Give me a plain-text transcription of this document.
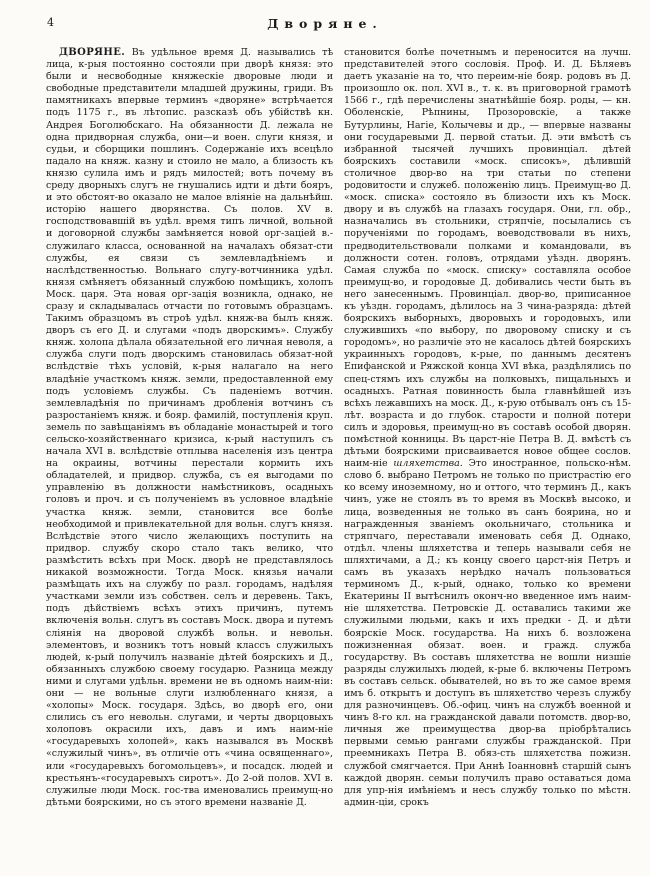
4	Дворяне.

ДВОРЯНЕ. Въ удѣльное время Д. назывались тѣ лица, к-рыя постоянно состояли при дворѣ князя: это были и несвободные княжескіе дворовые люди и свободные представители младшей дружины, гриди. Въ памятникахъ впервые терминъ «дворяне» встрѣчается подъ 1175 г., въ лѣтопис. разсказѣ объ убійствѣ кн. Андрея Боголюбскаго. На обязанности Д. лежала не одна придворная служба, они—и воен. слуги князя, и судьи, и сборщики пошлинъ. Содержаніе ихъ всецѣло падало на княж. казну и стоило не мало, а близость къ князю сулила имъ и рядъ милостей; вотъ почему въ среду дворныхъ слугъ не гнушались идти и дѣти бояръ, и это обстоят-во оказало не малое вліяніе на дальнѣйш. исторію нашего дворянства. Съ полов. XV в. господствовавшій въ удѣл. время типъ личной, вольной и договорной службы замѣняется новой орг-заціей в.-служилаго класса, основанной на началахъ обязат-сти службы, ея связи съ землевладѣніемъ и наслѣдственностью. Вольнаго слугу-вотчинника удѣл. князя смѣняетъ обязанный службою помѣщикъ, холопъ Моск. царя. Эта новая орг-зація возникла, однако, не сразу и складывалась отчасти по готовымъ образцамъ. Такимъ образцомъ въ строѣ удѣл. княж-ва былъ княж. дворъ съ его Д. и слугами «подъ дворскимъ». Службу княж. холопа дѣлала обязательной его личная неволя, а служба слуги подъ дворскимъ становилась обязат-ной вслѣдствіе тѣхъ условій, к-рыя налагало на него владѣніе участкомъ княж. земли, предоставленной ему подъ условіемъ службы. Съ паденіемъ вотчин. землевладѣнія по причинамъ дробленія вотчинъ съ разростаніемъ княж. и бояр. фамилій, поступленія круп. земель по завѣщаніямъ въ обладаніе монастырей и того сельско-хозяйственнаго кризиса, к-рый наступилъ съ начала XVI в. вслѣдствіе отплыва населенія изъ центра на окраины, вотчины перестали кормить ихъ обладателей, и придвор. служба, съ ея выгодами по управленію въ должности намѣстниковъ, осадныхъ головъ и проч. и съ полученіемъ въ условное владѣніе участка княж. земли, становится все болѣе необходимой и привлекательной для вольн. слугъ князя. Вслѣдствіе этого число желающихъ поступить на придвор. службу скоро стало такъ велико, что размѣстить всѣхъ при Моск. дворѣ не представлялось никакой возможности. Тогда Моск. князья начали размѣщать ихъ на службу по разл. городамъ, надѣляя участками земли изъ собствен. селъ и деревень. Такъ, подъ дѣйствіемъ всѣхъ этихъ причинъ, путемъ включенія вольн. слугъ въ составъ Моск. двора и путемъ сліянія на дворовой службѣ вольн. и невольн. элементовъ, и возникъ тотъ новый классъ служилыхъ людей, к-рый получилъ названіе дѣтей боярскихъ и Д., обязанныхъ службою своему государю. Разница между ними и слугами удѣльн. времени не въ одномъ наим-ніи: они — не вольные слуги излюбленнаго князя, а «холопы» Моск. государя. Здѣсь, во дворѣ его, они слились съ его невольн. слугами, и черты дворцовыхъ холоповъ окрасили ихъ, давъ и имъ наим-ніе «государевыхъ холопей», какъ назывался въ Москвѣ «служилый чинъ», въ отличіе отъ «чина освященнаго», или «государевыхъ богомольцевъ», и посадск. людей и крестьянъ-«государевыхъ сиротъ». До 2-ой полов. XVI в. служилые люди Моск. гос-тва именовались преимущ-но дѣтьми боярскими, но съ этого времени названіе Д.

становится болѣе почетнымъ и переносится на лучш. представителей этого сословія. Проф. И. Д. Бѣляевъ даетъ указаніе на то, что переим-ніе бояр. родовъ въ Д. произошло ок. пол. XVI в., т. к. въ приговорной грамотѣ 1566 г., гдѣ перечислены знатнѣйшіе бояр. роды, — кн. Оболенскіе, Рѣпнины, Прозоровскіе, а также Бутурлины, Нагіе, Колычевы и др., — впервые названы они государевыми Д. первой статьи. Д. эти вмѣстѣ съ избранной тысячей лучшихъ провинціал. дѣтей боярскихъ составили «моск. списокъ», дѣлившій столичное двор-во на три статьи по степени родовитости и служеб. положенію лицъ. Преимущ-во Д. «моск. списка» состояло въ близости ихъ къ Моск. двору и въ службѣ на глазахъ государя. Они, гл. обр., назначались въ стольники, стряпчіе, посылались съ порученіями по городамъ, воеводствовали въ нихъ, предводительствовали полками и командовали, въ должности сотен. головъ, отрядами уѣздн. дворянъ. Самая служба по «моск. списку» составляла особое преимущ-во, и городовые Д. добивались чести быть въ него занесеннымъ. Провинціал. двор-во, приписанное къ уѣздн. городамъ, дѣлилось на 3 чина-разряда: дѣтей боярскихъ выборныхъ, дворовыхъ и городовыхъ, или служившихъ «по выбору, по дворовому списку и съ городомъ», но различіе это не касалось дѣтей боярскихъ украинныхъ городовъ, к-рые, по даннымъ десятенъ Епифанской и Ряжской конца XVI вѣка, раздѣлялись по спец-стямъ ихъ службы на полковыхъ, пищальныхъ и осадныхъ. Ратная повинность была главнѣйшей изъ всѣхъ лежавшихъ на моск. Д., к-рую отбывалъ онъ съ 15-лѣт. возраста и до глубок. старости и полной потери силъ и здоровья, преимущ-но въ составѣ особой дворян. помѣстной конницы. Въ царст-ніе Петра В. Д. вмѣстѣ съ дѣтьми боярскими присваивается новое общее сослов. наим-ніе шляхетства. Это иностранное, польско-нѣм. слово б. выбрано Петромъ не только по пристрастію его ко всему иноземному, но и оттого, что терминъ Д., какъ чинъ, уже не стоялъ въ то время въ Москвѣ высоко, и лица, возведенныя не только въ санъ боярина, но и награжденныя званіемъ окольничаго, стольника и стряпчаго, переставали именовать себя Д. Однако, отдѣл. члены шляхетства и теперь называли себя не шляхтичами, а Д.; къ концу своего царст-нія Петръ и самъ въ указахъ нерѣдко началъ пользоваться терминомъ Д., к-рый, однако, только ко времени Екатерины II вытѣснилъ оконч-но введенное имъ наим-ніе шляхетства. Петровскіе Д. оставались такими же служилыми людьми, какъ и ихъ предки - Д. и дѣти боярскіе Моск. государства. На нихъ б. возложена пожизненная обязат. воен. и гражд. служба государству. Въ составъ шляхетства не вошли низшіе разряды служилыхъ людей, к-рые б. включены Петромъ въ составъ сельск. обывателей, но въ то же самое время имъ б. открытъ и доступъ въ шляхетство черезъ службу для разночинцевъ. Об.-офиц. чинъ на службѣ военной и чинъ 8-го кл. на гражданской давали потомств. двор-во, личныя же преимущества двор-ва пріобрѣтались первыми семью рангами службы гражданской. При преемникахъ Петра В. обяз-сть шляхетства пожизн. службой смягчается. При Аннѣ Іоанновнѣ старшій сынъ каждой дворян. семьи получилъ право оставаться дома для упр-нія имѣніемъ и несъ службу только по мѣстн. админ-ціи, срокъ
